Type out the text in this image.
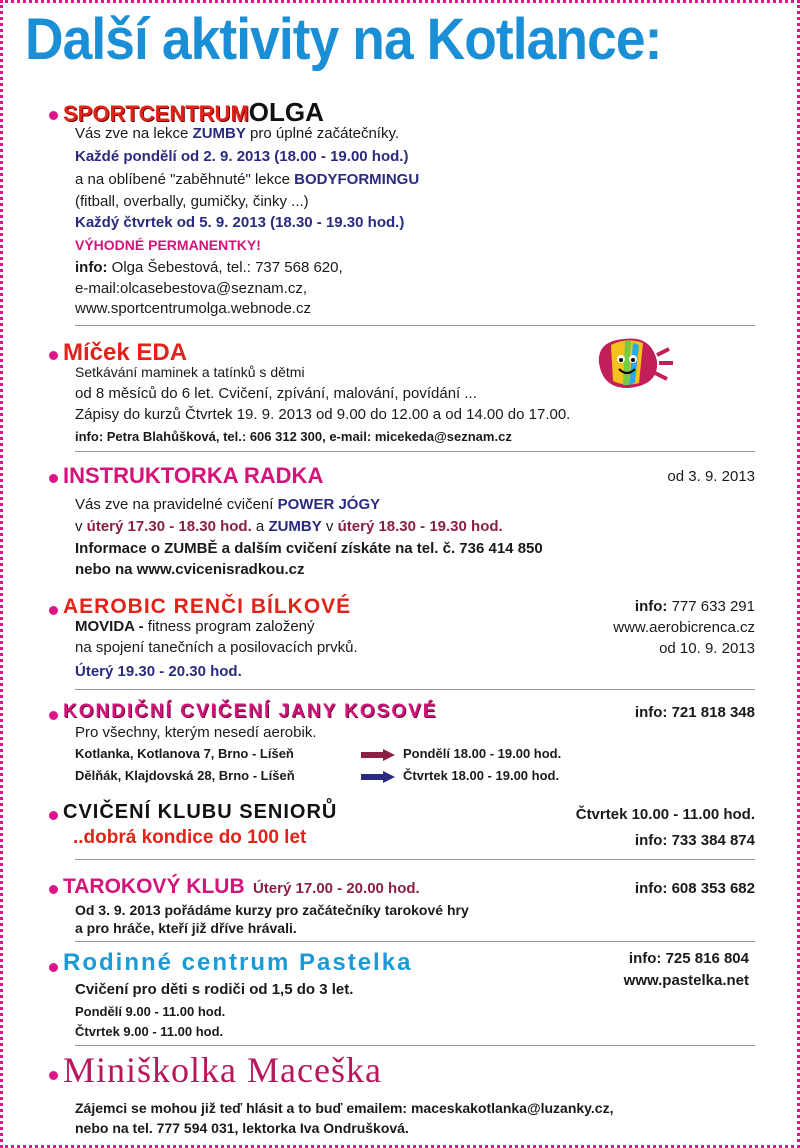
Další aktivity na Kotlance:
SPORTCENTRUMOLGA
Vás zve na lekce ZUMBY pro úplné začátečníky.
Každé pondělí od 2. 9. 2013 (18.00 - 19.00 hod.)
a na oblíbené "zaběhnuté" lekce BODYFORMINGU
(fitball, overbally, gumičky, činky ...)
Každý čtvrtek od 5. 9. 2013 (18.30 - 19.30 hod.)
VÝHODNÉ PERMANENTKY!
info: Olga Šebestová, tel.: 737 568 620,
e-mail:olcasebestova@seznam.cz,
www.sportcentrumolga.webnode.cz
Míček EDA
Setkávání maminek a tatínků s dětmi
od 8 měsíců do 6 let. Cvičení, zpívání, malování, povídání ...
Zápisy do kurzů Čtvrtek 19. 9. 2013 od 9.00 do 12.00 a od 14.00 do 17.00.
info: Petra Blahůšková, tel.: 606 312 300, e-mail: micekeda@seznam.cz
INSTRUKTORKA RADKA	od 3. 9. 2013
Vás zve na pravidelné cvičení POWER JÓGY
v úterý 17.30 - 18.30 hod. a ZUMBY v úterý 18.30 - 19.30 hod.
Informace o ZUMBĚ a dalším cvičení získáte na tel. č. 736 414 850
nebo na www.cvicenisradkou.cz
AEROBIC RENČI BÍLKOVÉ
MOVIDA - fitness program založený
na spojení tanečních a posilovacích prvků.
Úterý 19.30 - 20.30 hod.
info: 777 633 291
www.aerobicrenca.cz
od 10. 9. 2013
KONDIČNÍ CVIČENÍ JANY KOSOVÉ	info: 721 818 348
Pro všechny, kterým nesedí aerobik.
Kotlanka, Kotlanova 7, Brno - Líšeň	Pondělí 18.00 - 19.00 hod.
Dělňák, Klajdovská 28, Brno - Líšeň	Čtvrtek 18.00 - 19.00 hod.
CVIČENÍ KLUBU SENIORŮ
..dobrá kondice do 100 let
Čtvrtek 10.00 - 11.00 hod.
info: 733 384 874
TAROKOVÝ KLUB Úterý 17.00 - 20.00 hod.	info: 608 353 682
Od 3. 9. 2013 pořádáme kurzy pro začátečníky tarokové hry
a pro hráče, kteří již dříve hrávali.
Rodinné centrum Pastelka
Cvičení pro děti s rodiči od 1,5 do 3 let.
Pondělí 9.00 - 11.00 hod.
Čtvrtek 9.00 - 11.00 hod.
info: 725 816 804
www.pastelka.net
Miniškolka Maceška
Zájemci se mohou již teď hlásit a to buď emailem: maceskakotlanka@luzanky.cz,
nebo na tel. 777 594 031, lektorka Iva Ondrušková.
